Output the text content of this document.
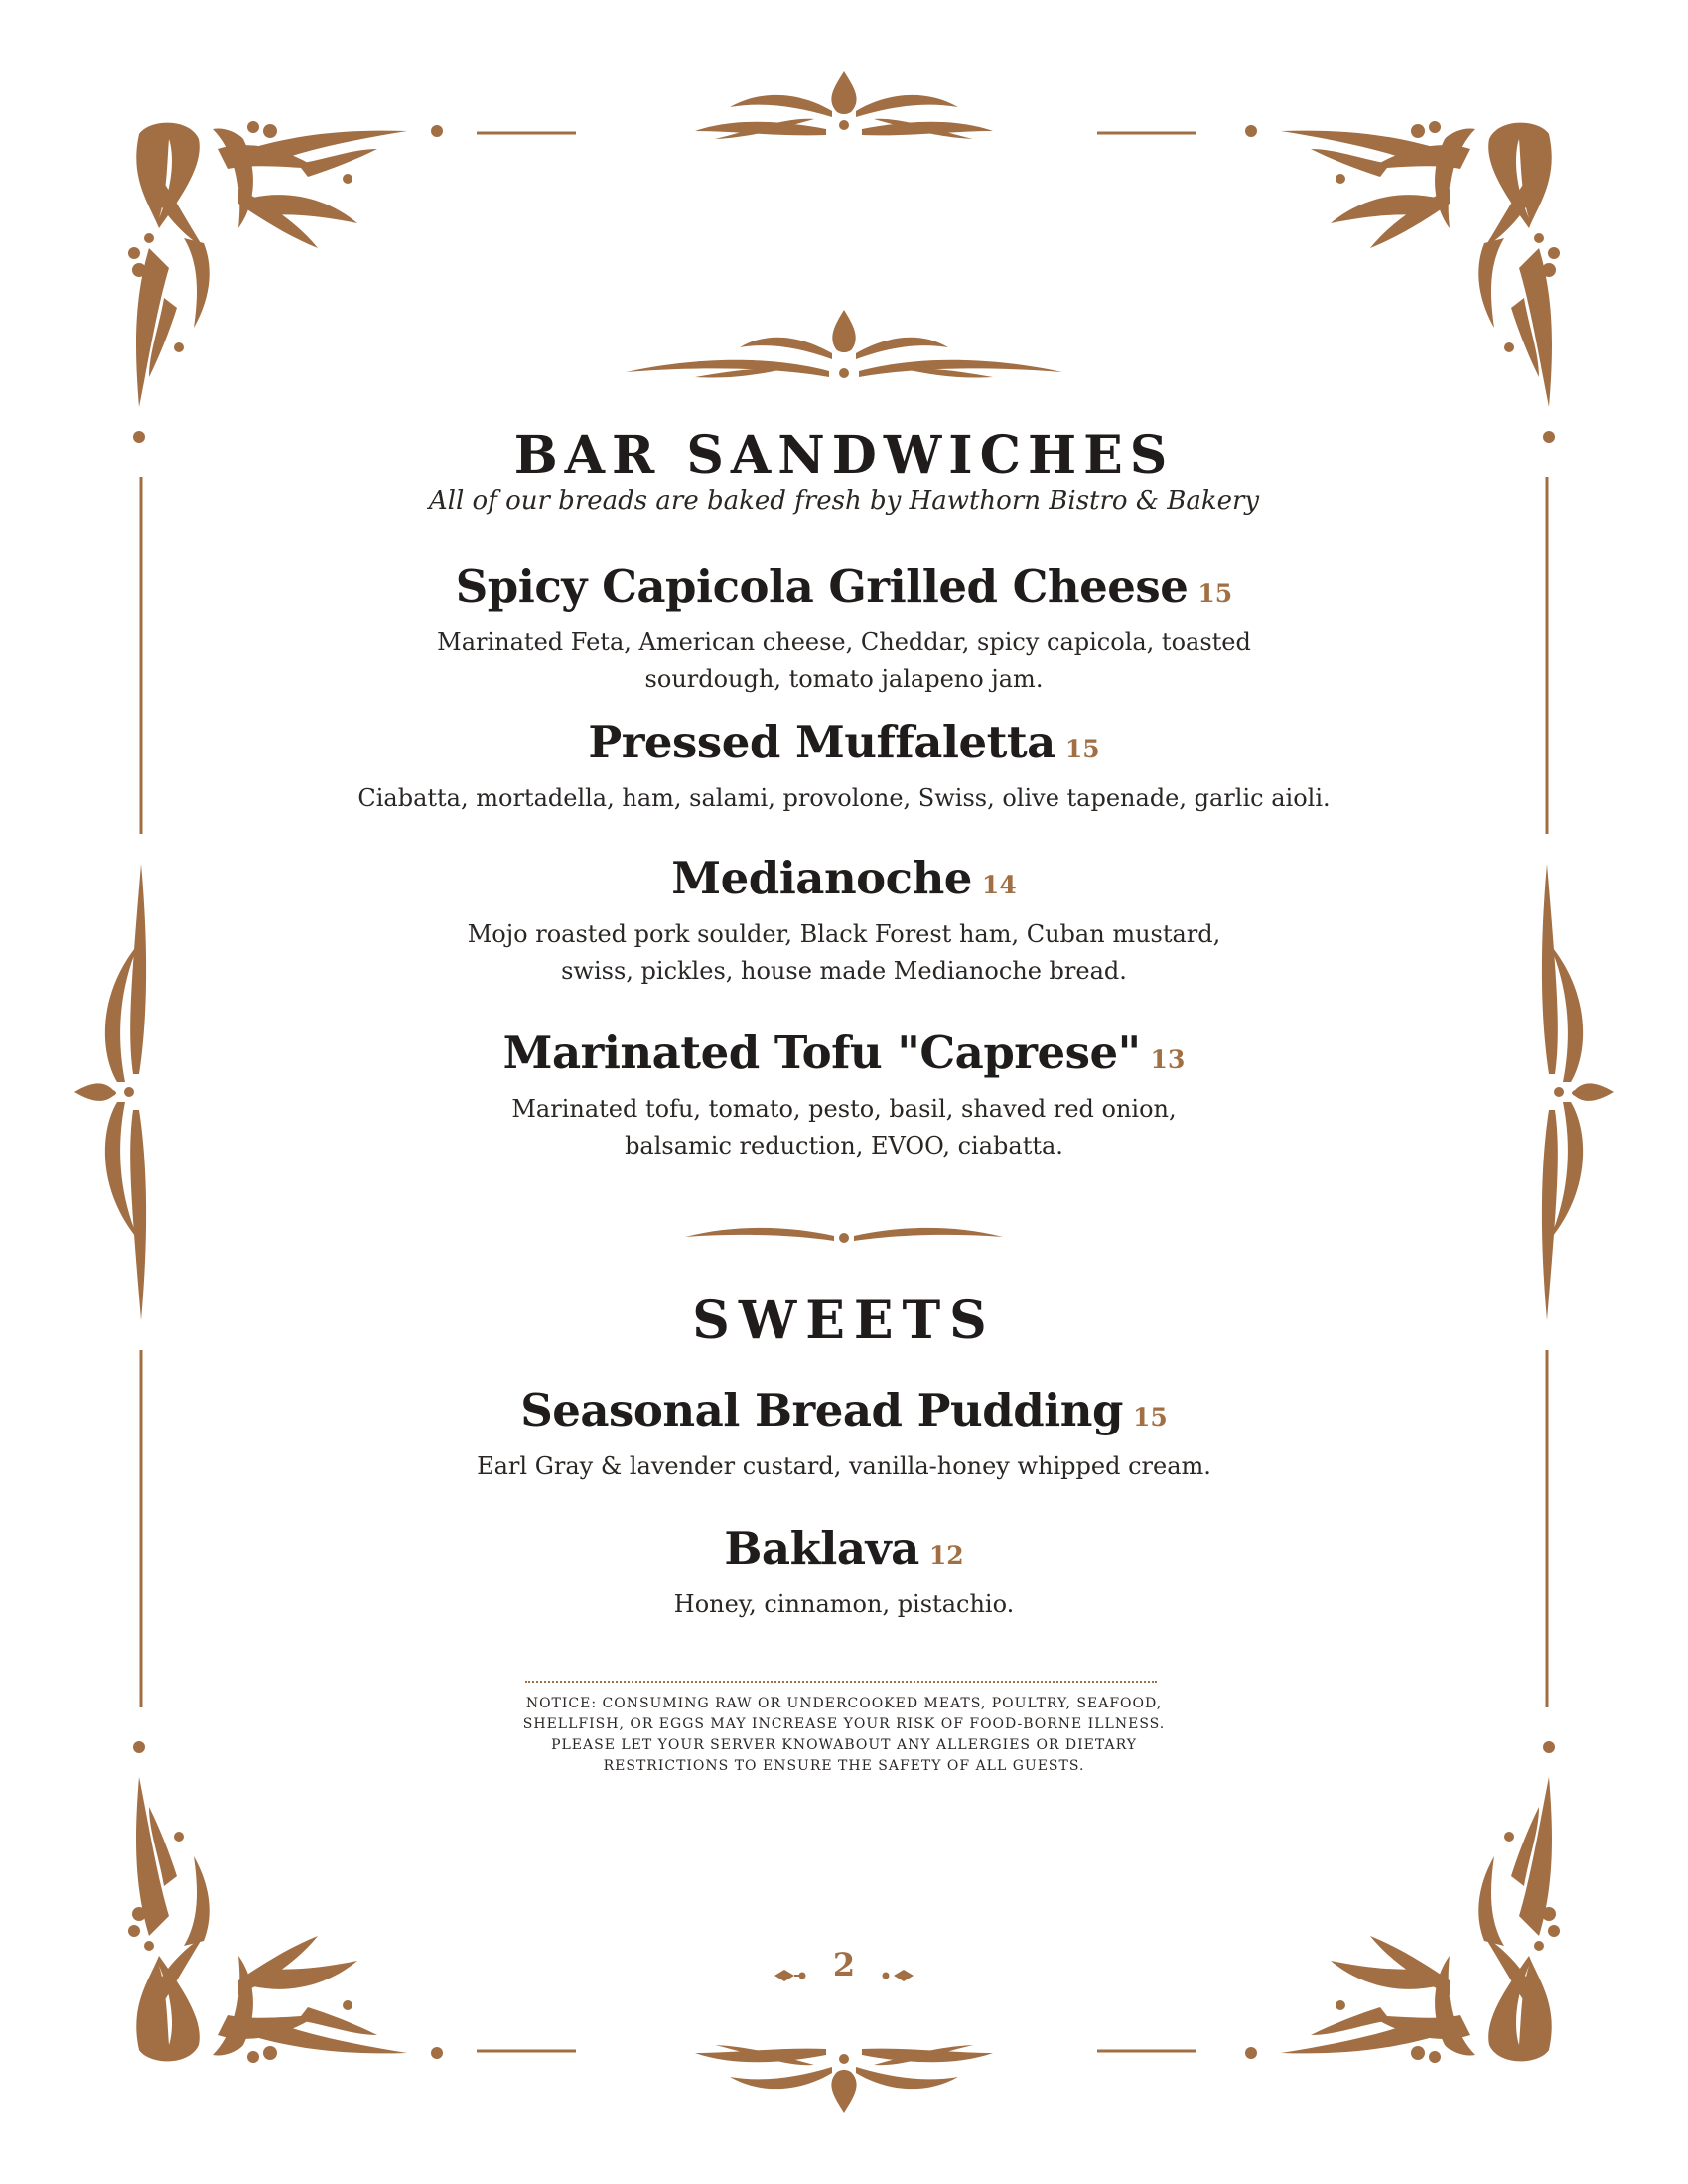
BAR SANDWICHES

All of our breads are baked fresh by Hawthorn Bistro & Bakery

Spicy Capicola Grilled Cheese 15

Marinated Feta, American cheese, Cheddar, spicy capicola, toasted sourdough, tomato jalapeno jam.

Pressed Muffaletta 15

Ciabatta, mortadella, ham, salami, provolone, Swiss, olive tapenade, garlic aioli.

Medianoche 14

Mojo roasted pork soulder, Black Forest ham, Cuban mustard, swiss, pickles, house made Medianoche bread.

Marinated Tofu "Caprese" 13

Marinated tofu, tomato, pesto, basil, shaved red onion, balsamic reduction, EVOO, ciabatta.

SWEETS
Seasonal Bread Pudding 15

Earl Gray & lavender custard, vanilla-honey whipped cream.

Baklava 12

Honey, cinnamon, pistachio.

NOTICE: CONSUMING RAW OR UNDERCOOKED MEATS, POULTRY, SEAFOOD, SHELLFISH, OR EGGS MAY INCREASE YOUR RISK OF FOOD-BORNE ILLNESS. PLEASE LET YOUR SERVER KNOWABOUT ANY ALLERGIES OR DIETARY RESTRICTIONS TO ENSURE THE SAFETY OF ALL GUESTS.

2
